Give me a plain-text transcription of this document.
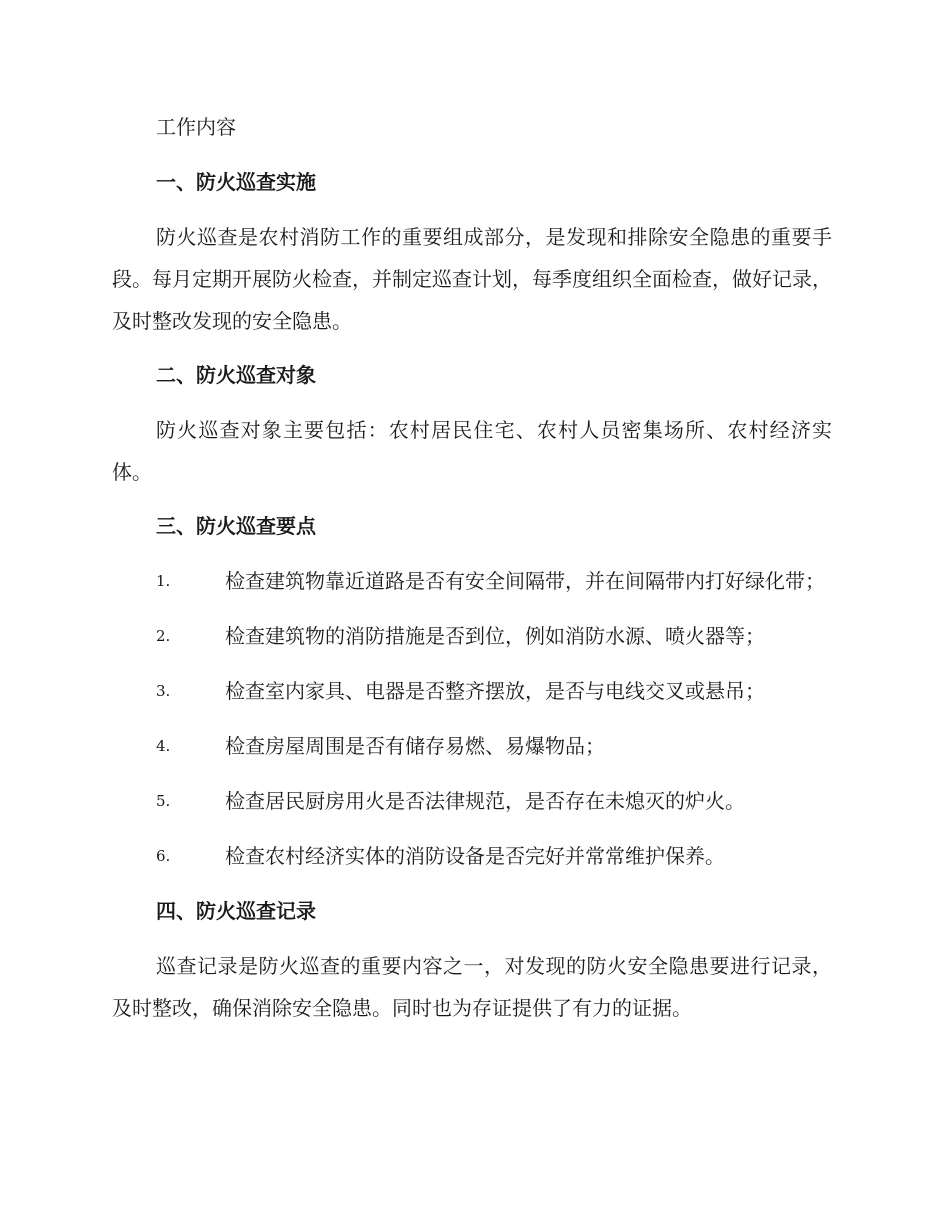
工作内容

一、防火巡查实施

防火巡查是农村消防工作的重要组成部分，是发现和排除安全隐患的重要手段。每月定期开展防火检查，并制定巡查计划，每季度组织全面检查，做好记录，及时整改发现的安全隐患。

二、防火巡查对象

防火巡查对象主要包括：农村居民住宅、农村人员密集场所、农村经济实体。

三、防火巡查要点

1.	检查建筑物靠近道路是否有安全间隔带，并在间隔带内打好绿化带；
2.	检查建筑物的消防措施是否到位，例如消防水源、喷火器等；
3.	检查室内家具、电器是否整齐摆放，是否与电线交叉或悬吊；
4.	检查房屋周围是否有储存易燃、易爆物品；
5.	检查居民厨房用火是否法律规范，是否存在未熄灭的炉火。
6.	检查农村经济实体的消防设备是否完好并常常维护保养。

四、防火巡查记录

巡查记录是防火巡查的重要内容之一，对发现的防火安全隐患要进行记录，及时整改，确保消除安全隐患。同时也为存证提供了有力的证据。
